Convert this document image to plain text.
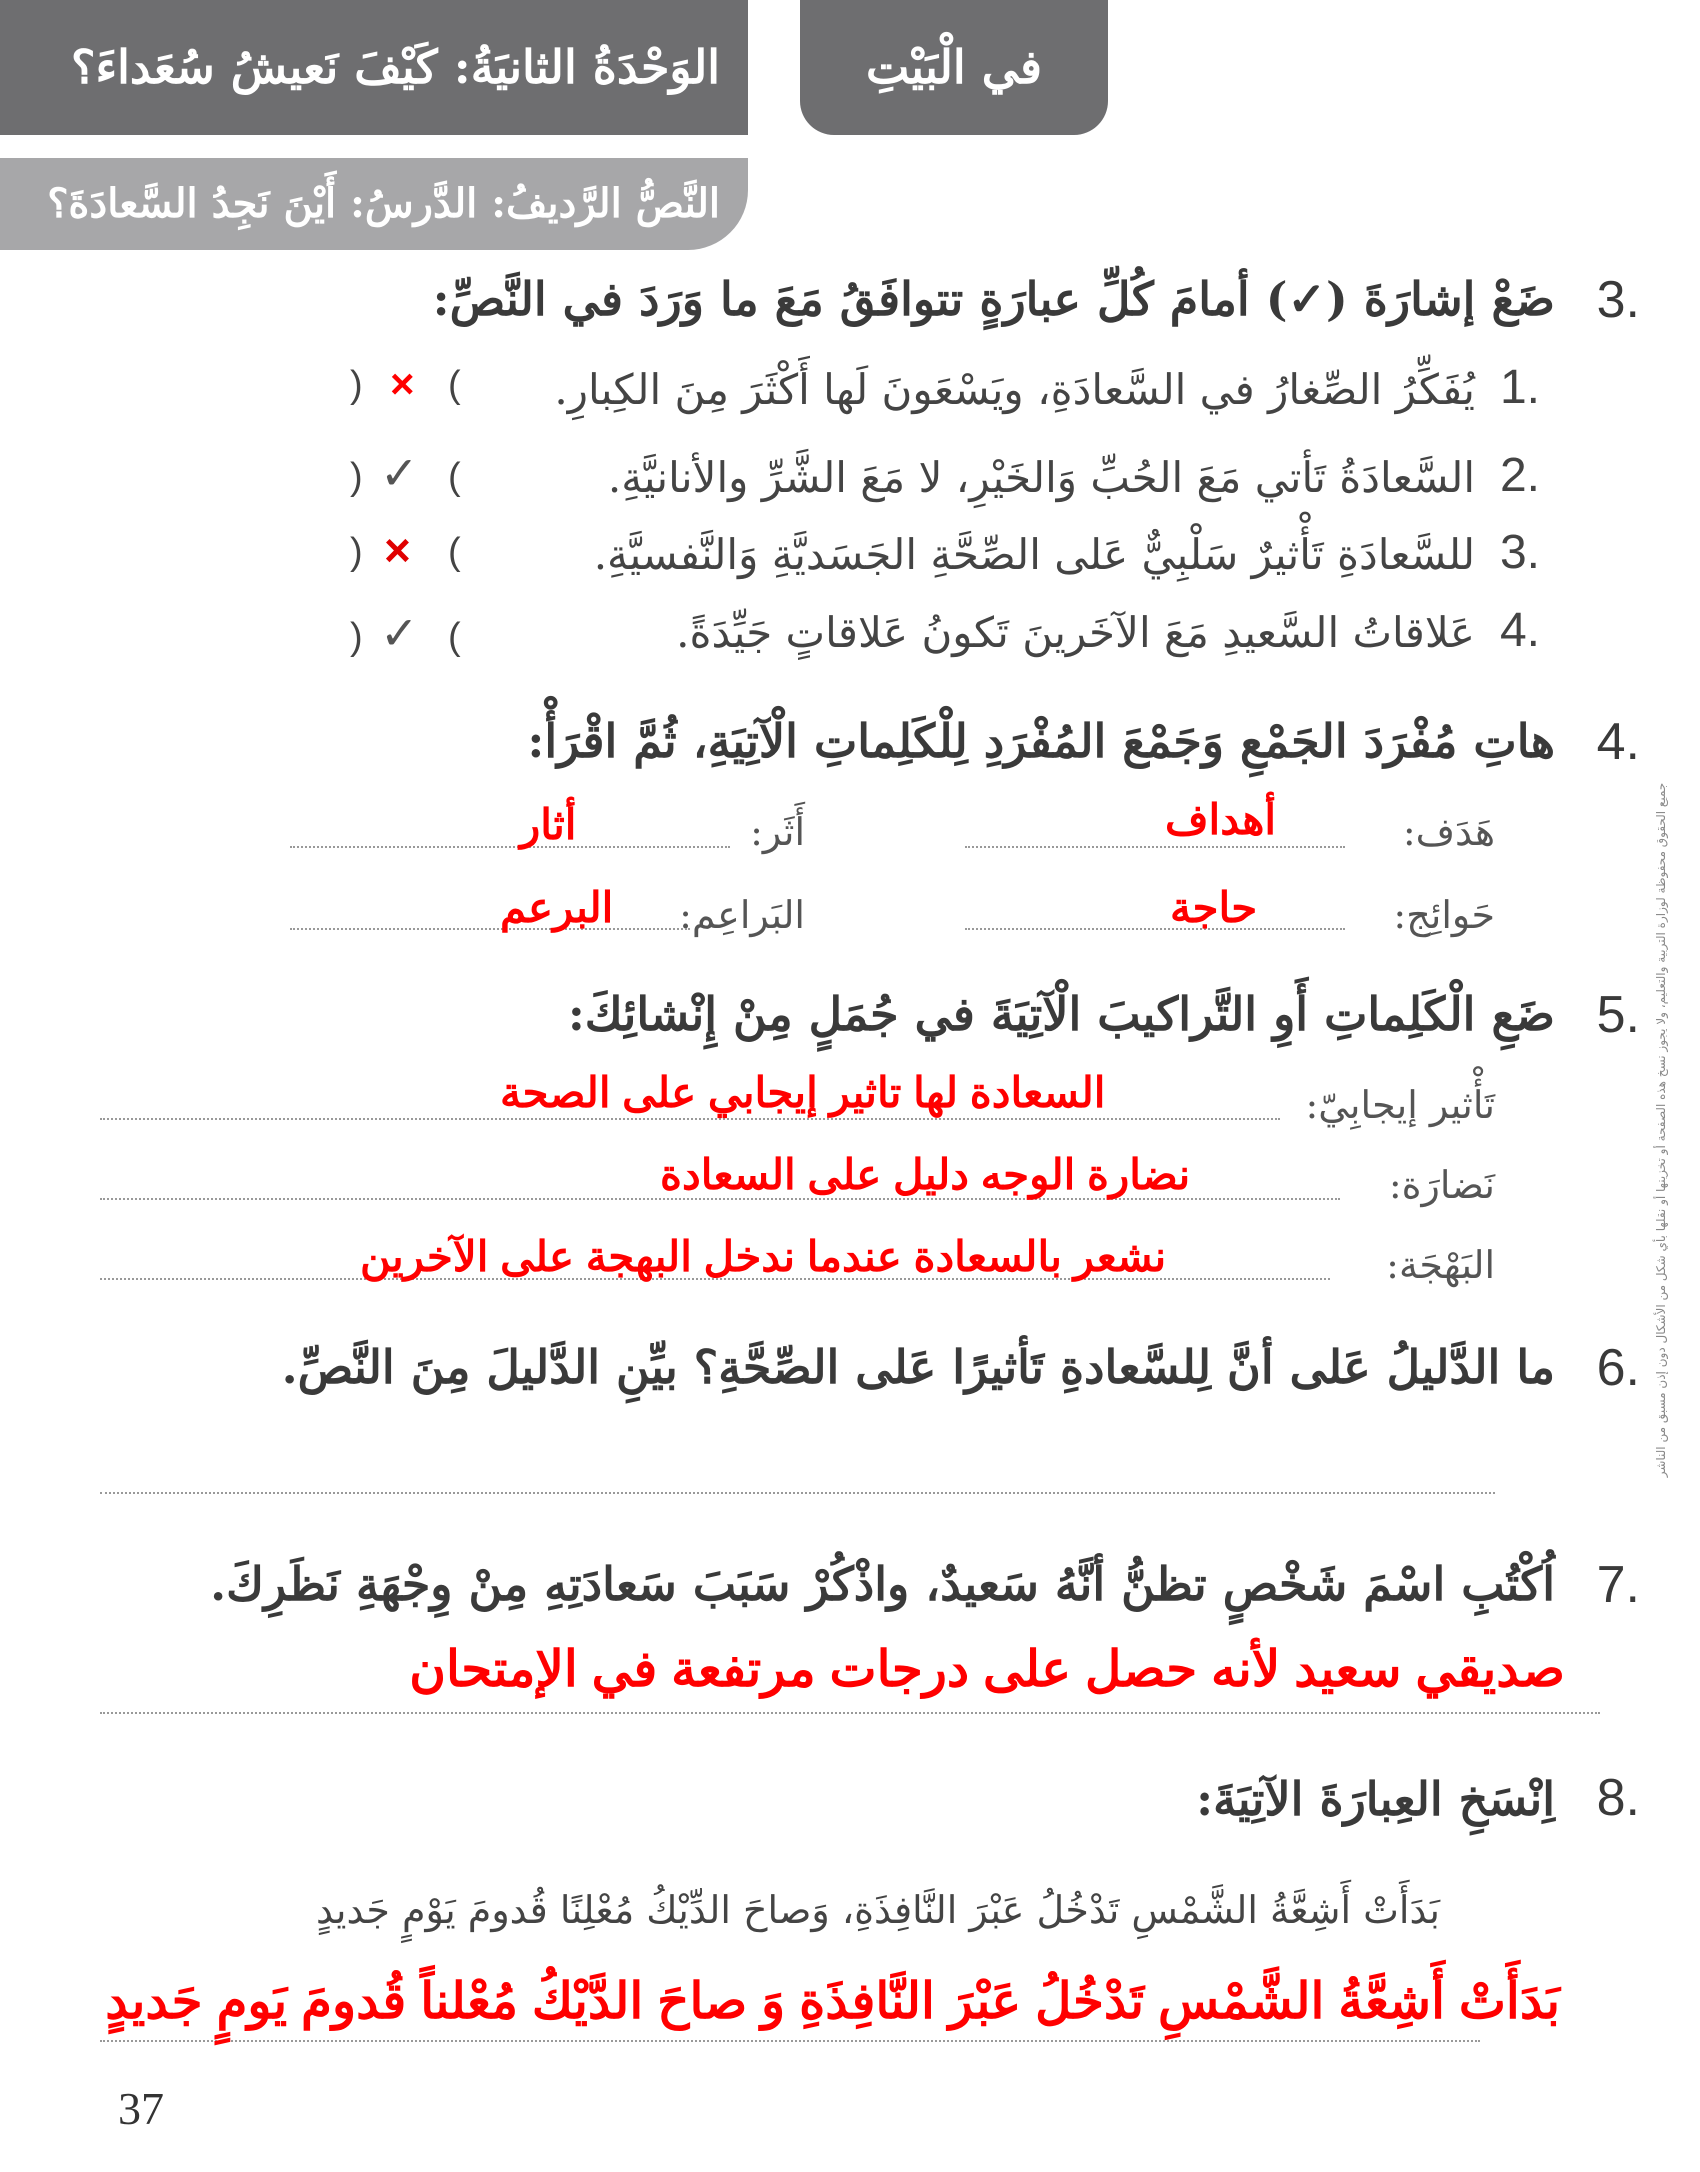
الوَحْدَةُ الثانيَةُ: كَيْفَ نَعيشُ سُعَداءَ؟	في الْبَيْتِ
النَّصُّ الرَّديفُ: الدَّرسُ: أَيْنَ نَجِدُ السَّعادَةَ؟
3.
ضَعْ إشارَةَ (✓) أمامَ كُلِّ عبارَةٍ تتوافَقُ مَعَ ما وَرَدَ في النَّصِّ:
1.
يُفَكِّرُ الصِّغارُ في السَّعادَةِ، ويَسْعَونَ لَها أَكْثَرَ مِنَ الكِبارِ.
( × )
2.
السَّعادَةُ تَأتي مَعَ الحُبِّ وَالخَيْرِ، لا مَعَ الشَّرِّ والأنانيَّةِ.
( ✓ )
3.
للسَّعادَةِ تَأْثيرٌ سَلْبِيٌّ عَلى الصِّحَّةِ الجَسَديَّةِ وَالنَّفسيَّةِ.
( × )
4.
عَلاقاتُ السَّعيدِ مَعَ الآخَرينَ تَكونُ عَلاقاتٍ جَيِّدَةً.
( ✓ )
4.
هاتِ مُفْرَدَ الجَمْعِ وَجَمْعَ المُفْرَدِ لِلْكَلِماتِ الْآتِيَةِ، ثُمَّ اقْرَأْ:
هَدَف:
أهداف
أَثَر:
أثار
حَوائِج:
حاجة
البَراعِم:
البرعم
5.
ضَعِ الْكَلِماتِ أَوِ التَّراكيبَ الْآتِيَةَ في جُمَلٍ مِنْ إِنْشائِكَ:
تَأْثير إيجابِيّ:
السعادة لها تاثير إيجابي على الصحة
نَضارَة:
نضارة الوجه دليل على السعادة
البَهْجَة:
نشعر بالسعادة عندما ندخل البهجة على الآخرين
6.
ما الدَّليلُ عَلى أنَّ لِلسَّعادةِ تَأثيرًا عَلى الصِّحَّةِ؟ بيِّنِ الدَّليلَ مِنَ النَّصِّ.
7.
اُكْتُبِ اسْمَ شَخْصٍ تظنُّ أنَّهُ سَعيدٌ، واذْكُرْ سَبَبَ سَعادَتِهِ مِنْ وِجْهَةِ نَظَرِكَ.
صديقي سعيد لأنه حصل على درجات مرتفعة في الإمتحان
8.
اِنْسَخِ العِبارَةَ الآتِيَةَ:
بَدَأَتْ أَشِعَّةُ الشَّمْسِ تَدْخُلُ عَبْرَ النَّافِذَةِ، وَصاحَ الدِّيْكُ مُعْلِنًا قُدومَ يَوْمٍ جَديدٍ
بَدَأَتْ أَشِعَّةُ الشَّمْسِ تَدْخُلُ عَبْرَ النَّافِذَةِ وَ صاحَ الدَّيْكُ مُعْلناً قُدومَ يَومٍ جَديدٍ
37
جميع الحقوق محفوظة لوزارة التربية والتعليم، ولا يجوز نسخ هذه الصفحة أو تخزينها أو نقلها بأي شكل من الأشكال دون إذن مسبق من الناشر
